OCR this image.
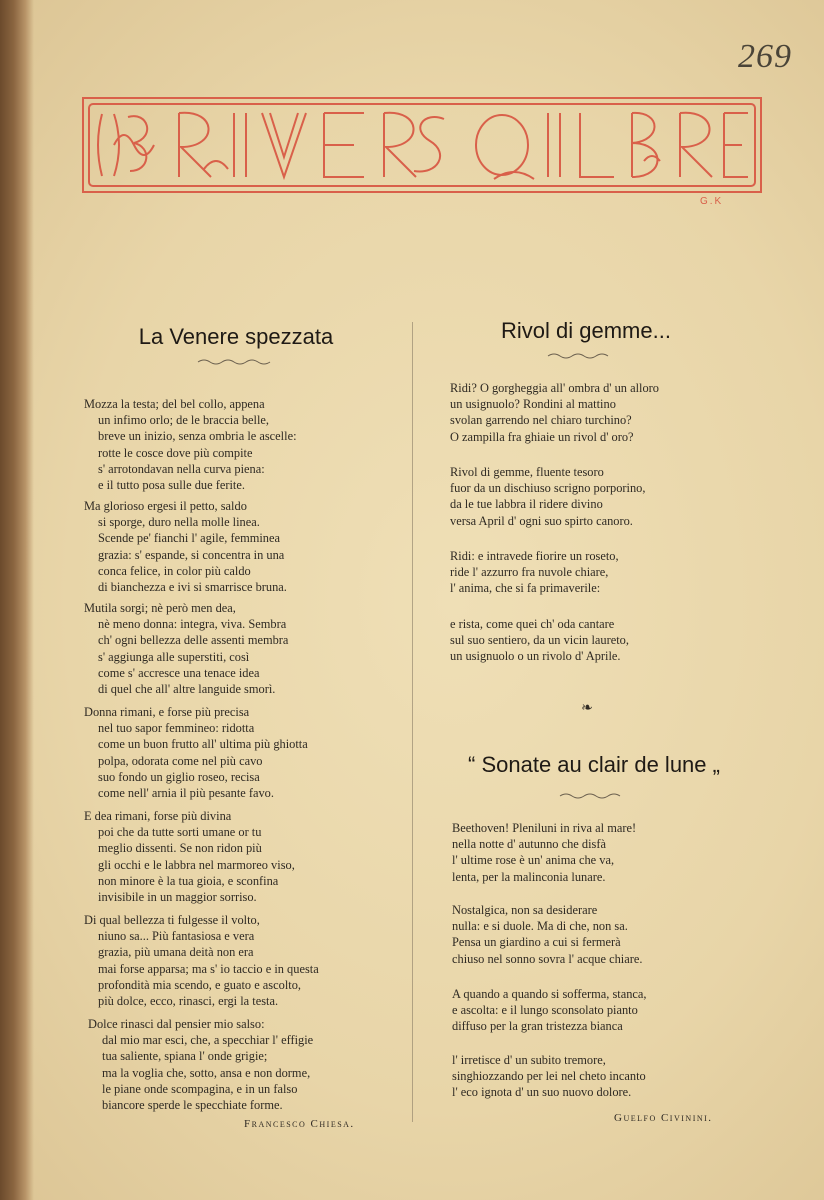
269
G.K
La Venere spezzata
Mozza la testa; del bel collo, appena
un infimo orlo; de le braccia belle,
breve un inizio, senza ombria le ascelle:
rotte le cosce dove più compite
s' arrotondavan nella curva piena:
e il tutto posa sulle due ferite.
Ma glorioso ergesi il petto, saldo
si sporge, duro nella molle linea.
Scende pe' fianchi l' agile, femminea
grazia: s' espande, si concentra in una
conca felice, in color più caldo
di bianchezza e ivi si smarrisce bruna.
Mutila sorgi; nè però men dea,
nè meno donna: integra, viva. Sembra
ch' ogni bellezza delle assenti membra
s' aggiunga alle superstiti, così
come s' accresce una tenace idea
di quel che all' altre languide smorì.
Donna rimani, e forse più precisa
nel tuo sapor femmineo: ridotta
come un buon frutto all' ultima più ghiotta
polpa, odorata come nel più cavo
suo fondo un giglio roseo, recisa
come nell' arnia il più pesante favo.
E dea rimani, forse più divina
poi che da tutte sorti umane or tu
meglio dissenti. Se non ridon più
gli occhi e le labbra nel marmoreo viso,
non minore è la tua gioia, e sconfina
invisibile in un maggior sorriso.
Di qual bellezza ti fulgesse il volto,
niuno sa... Più fantasiosa e vera
grazia, più umana deità non era
mai forse apparsa; ma s' io taccio e in questa
profondità mia scendo, e guato e ascolto,
più dolce, ecco, rinasci, ergi la testa.
Dolce rinasci dal pensier mio salso:
dal mio mar esci, che, a specchiar l' effigie
tua saliente, spiana l' onde grigie;
ma la voglia che, sotto, ansa e non dorme,
le piane onde scompagina, e in un falso
biancore sperde le specchiate forme.
Francesco Chiesa.
Rivol di gemme...
Ridi? O gorgheggia all' ombra d' un alloro
un usignuolo? Rondini al mattino
svolan garrendo nel chiaro turchino?
O zampilla fra ghiaie un rivol d' oro?
Rivol di gemme, fluente tesoro
fuor da un dischiuso scrigno porporino,
da le tue labbra il ridere divino
versa April d' ogni suo spirto canoro.
Ridi: e intravede fiorire un roseto,
ride l' azzurro fra nuvole chiare,
l' anima, che si fa primaverile:
e rista, come quei ch' oda cantare
sul suo sentiero, da un vicin laureto,
un usignuolo o un rivolo d' Aprile.
❧
“ Sonate au clair de lune „
Beethoven! Pleniluni in riva al mare!
nella notte d' autunno che disfà
l' ultime rose è un' anima che va,
lenta, per la malinconia lunare.
Nostalgica, non sa desiderare
nulla: e si duole. Ma di che, non sa.
Pensa un giardino a cui si fermerà
chiuso nel sonno sovra l' acque chiare.
A quando a quando si sofferma, stanca,
e ascolta: e il lungo sconsolato pianto
diffuso per la gran tristezza bianca
l' irretisce d' un subito tremore,
singhiozzando per lei nel cheto incanto
l' eco ignota d' un suo nuovo dolore.
Guelfo Civinini.
